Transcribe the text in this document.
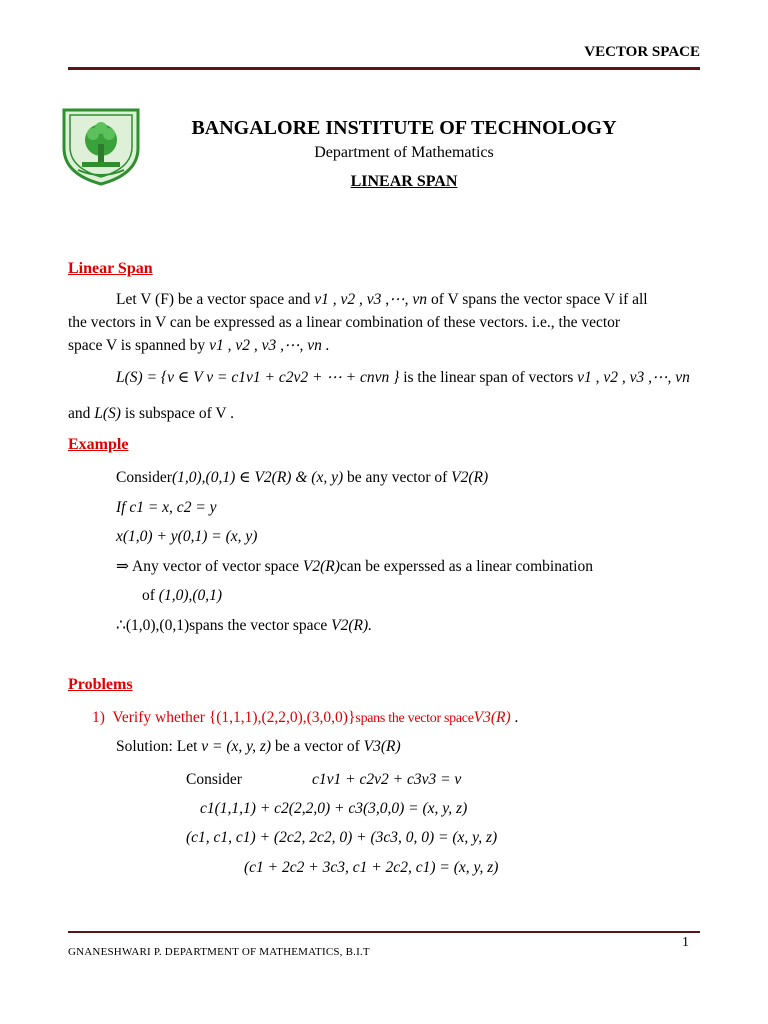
VECTOR SPACE
BANGALORE INSTITUTE OF TECHNOLOGY
Department of Mathematics
LINEAR SPAN
Linear Span
Let V (F) be a vector space and v1 , v2 , v3 ,⋯, vn of V spans the vector space V if all
the vectors in V can be expressed as a linear combination of these vectors. i.e., the vector
space V is spanned by v1 , v2 , v3 ,⋯, vn .
L(S) = {v ∈ V v = c1v1 + c2v2 + ⋯ + cnvn } is the linear span of vectors v1 , v2 , v3 ,⋯, vn
and L(S) is subspace of V .
Example
Consider(1,0),(0,1) ∈ V2(R) & (x, y) be any vector of V2(R)
If c1 = x, c2 = y
x(1,0) + y(0,1) = (x, y)
⇒ Any vector of vector space V2(R)can be experssed as a linear combination
of (1,0),(0,1)
∴(1,0),(0,1)spans the vector space V2(R).
Problems
1) Verify whether {(1,1,1),(2,2,0),(3,0,0)}spans the vector spaceV3(R) .
Solution: Let v = (x, y, z) be a vector of V3(R)
Consider	c1v1 + c2v2 + c3v3 = v
c1(1,1,1) + c2(2,2,0) + c3(3,0,0) = (x, y, z)
(c1, c1, c1) + (2c2, 2c2, 0) + (3c3, 0, 0) = (x, y, z)
(c1 + 2c2 + 3c3, c1 + 2c2, c1) = (x, y, z)
GNANESHWARI P. DEPARTMENT OF MATHEMATICS, B.I.T
1
